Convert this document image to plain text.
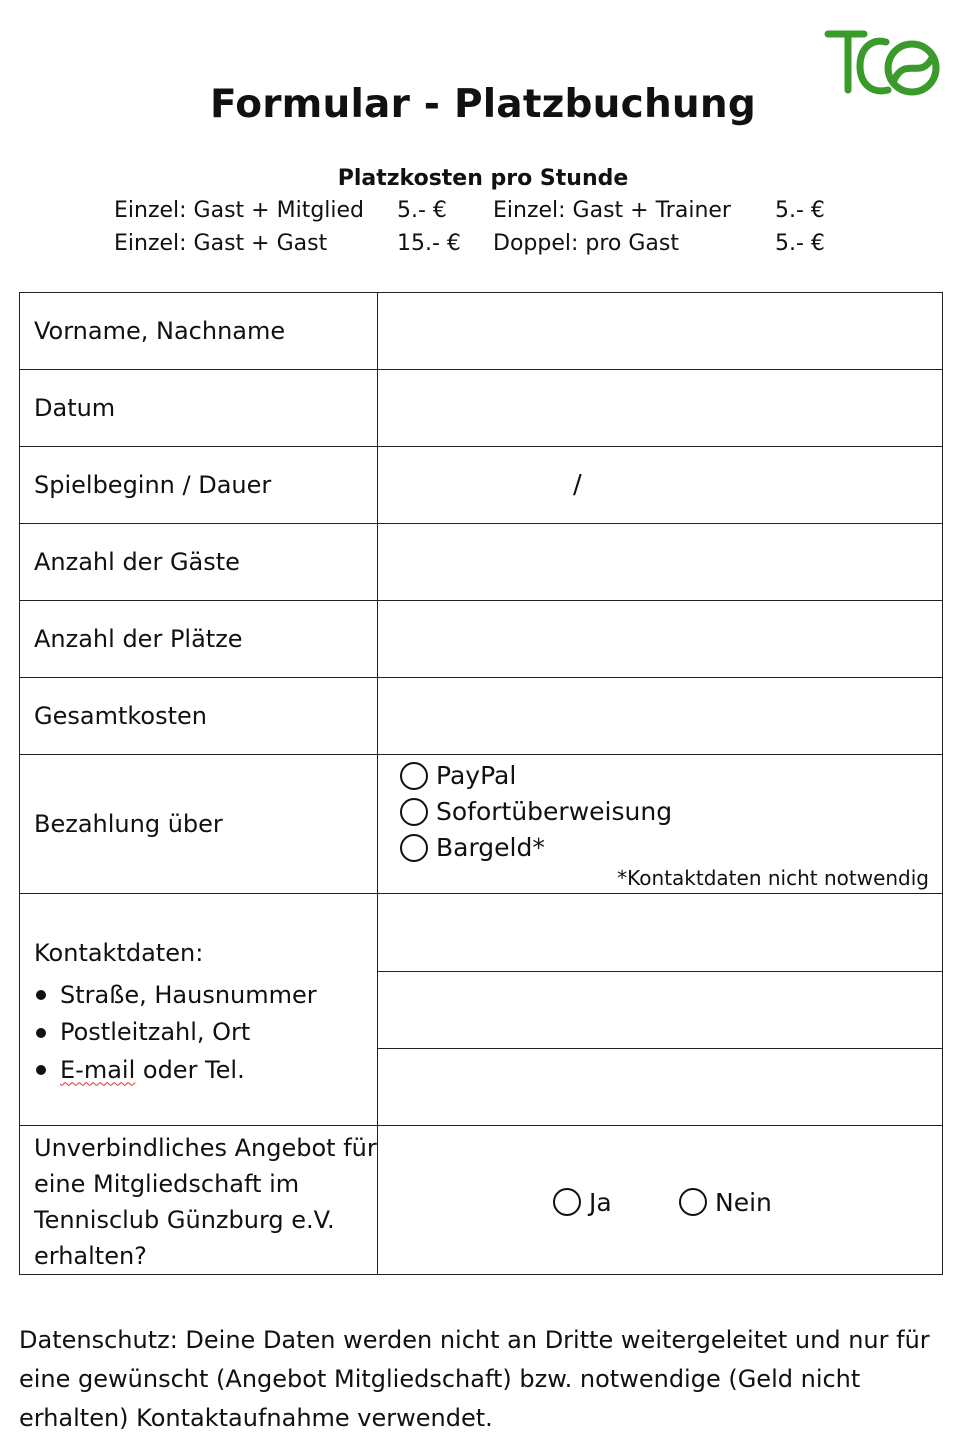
Formular - Platzbuchung
Platzkosten pro Stunde
Einzel: Gast + Mitglied 5.- € Einzel: Gast + Trainer 5.- €
Einzel: Gast + Gast	15.- € Doppel: pro Gast	5.- €
Vorname, Nachname	
Datum	
Spielbeginn / Dauer	/
Anzahl der Gäste	
Anzahl der Plätze	
Gesamtkosten	
Bezahlung über	
PayPal
Sofortüberweisung
Bargeld*
*Kontaktdaten nicht notwendig

Kontaktdaten:
Straße, Hausnummer
Postleitzahl, Ort
E-mail oder Tel.

Unverbindliches Angebot für eine Mitgliedschaft im Tennisclub Günzburg e.V. erhalten?	
Ja	Nein

Datenschutz: Deine Daten werden nicht an Dritte weitergeleitet und nur für eine gewünscht (Angebot Mitgliedschaft) bzw. notwendige (Geld nicht erhalten) Kontaktaufnahme verwendet.
